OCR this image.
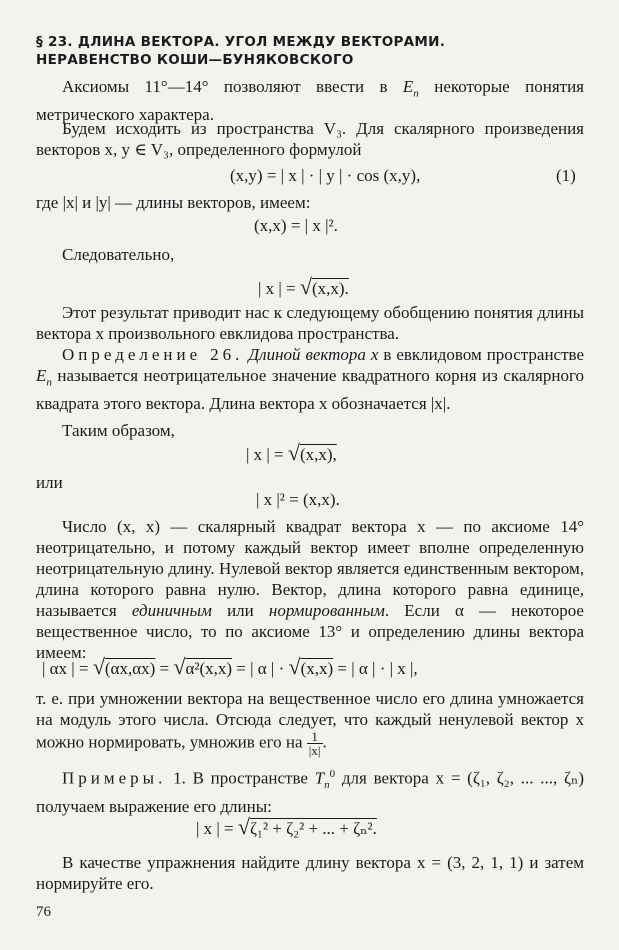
§ 23. ДЛИНА ВЕКТОРА. УГОЛ МЕЖДУ ВЕКТОРАМИ.
НЕРАВЕНСТВО КОШИ—БУНЯКОВСКОГО
Аксиомы 11°—14° позволяют ввести в $E_n$ некоторые понятия метрического характера.
Будем исходить из пространства V₃. Для скалярного произведения векторов x, y ∈ V₃, определенного формулой
(x,y) = | x | · | y | · cos (x,y),	(1)
где |x| и |y| — длины векторов, имеем:
(x,x) = | x |².
Следовательно,
| x | = √(x,x).
Этот результат приводит нас к следующему обобщению понятия длины вектора x произвольного евклидова пространства.
Определение 26. Длиной вектора x в евклидовом пространстве $E_n$ называется неотрицательное значение квадратного корня из скалярного квадрата этого вектора. Длина вектора x обозначается |x|.
Таким образом,
| x | = √(x,x),
или
| x |² = (x,x).
Число (x, x) — скалярный квадрат вектора x — по аксиоме 14° неотрицательно, и потому каждый вектор имеет вполне определенную неотрицательную длину. Нулевой вектор является единственным вектором, длина которого равна нулю. Вектор, длина которого равна единице, называется единичным или нормированным. Если α — некоторое вещественное число, то по аксиоме 13° и определению длины вектора имеем:
| αx | = √(αx,αx) = √α²(x,x) = | α | · √(x,x) = | α | · | x |,
т. е. при умножении вектора на вещественное число его длина умножается на модуль этого числа. Отсюда следует, что каждый ненулевой вектор x можно нормировать, умножив его на $\frac{1}{|x|}$ .
Примеры. 1. В пространстве $T_n^0$ для вектора x = (ζ₁, ζ₂, ... ..., ζₙ) получаем выражение его длины:
| x | = √ζ₁² + ζ₂² + ... + ζₙ².
В качестве упражнения найдите длину вектора x = (3, 2, 1, 1) и затем нормируйте его.
76
